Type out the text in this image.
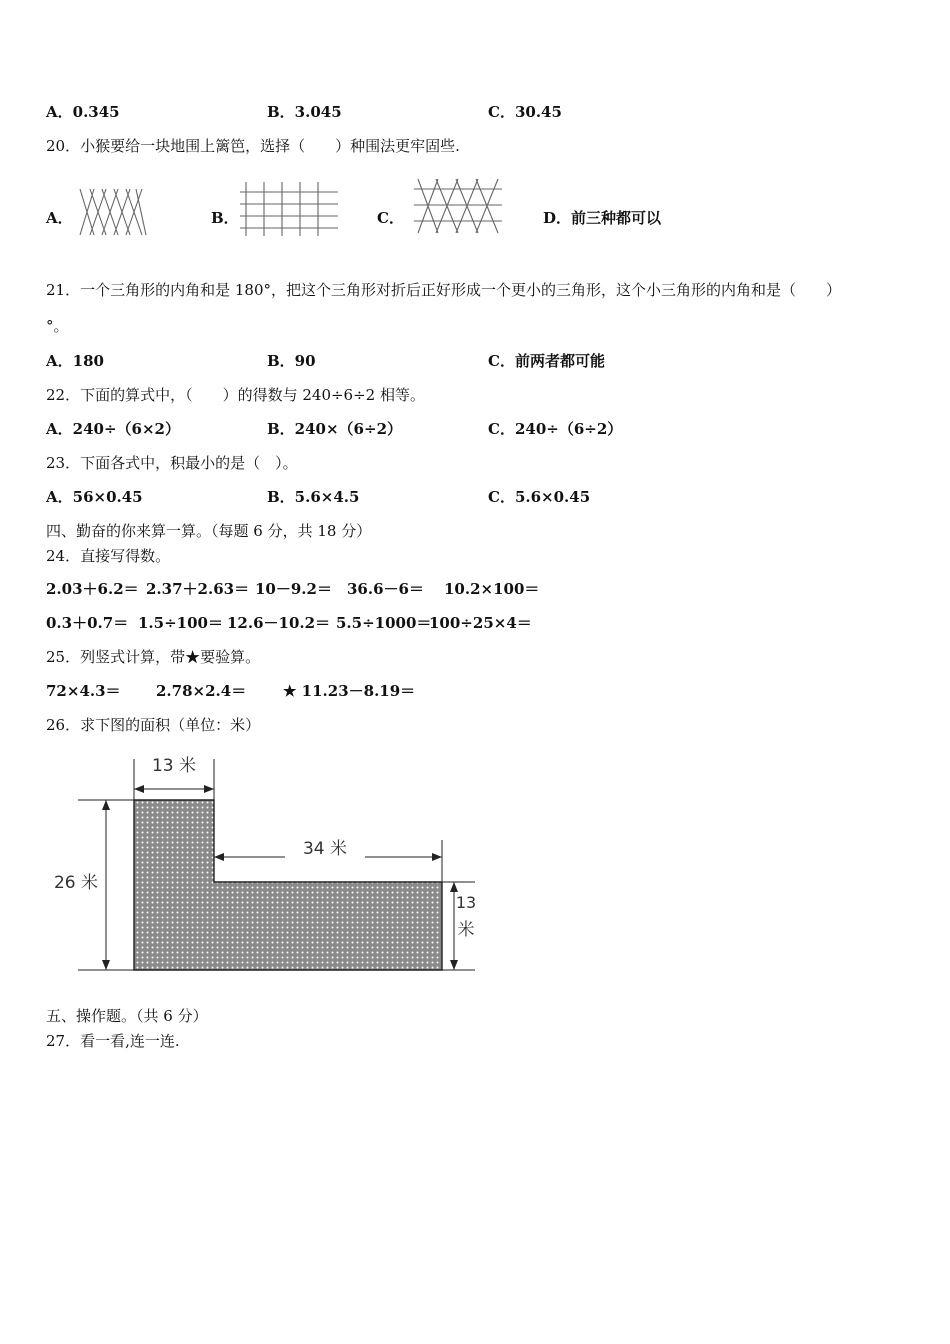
A．0.345	B．3.045	C．30.45
20．小猴要给一块地围上篱笆，选择（　　）种围法更牢固些.
A．	B．	C．	D．前三种都可以
21．一个三角形的内角和是 180°，把这个三角形对折后正好形成一个更小的三角形，这个小三角形的内角和是（　　）
°。
A．180	B．90	C．前两者都可能
22．下面的算式中，（　　）的得数与 240÷6÷2 相等。
A．240÷（6×2）	B．240×（6÷2）	C．240÷（6÷2）
23．下面各式中，积最小的是（　）。
A．56×0.45	B．5.6×4.5	C．5.6×0.45
四、勤奋的你来算一算。（每题 6 分，共 18 分）
24．直接写得数。
2.03＋6.2＝ 2.37＋2.63＝ 10－9.2＝ 36.6－6＝ 10.2×100＝
0.3＋0.7＝ 1.5÷100＝ 12.6－10.2＝ 5.5÷1000＝
100÷25×4＝
25．列竖式计算，带★要验算。
72×4.3＝ 2.78×2.4＝ ★ 11.23－8.19＝
26．求下图的面积（单位：米）
13 米
26 米
34 米
13
米
五、操作题。（共 6 分）
27．看一看,连一连.
